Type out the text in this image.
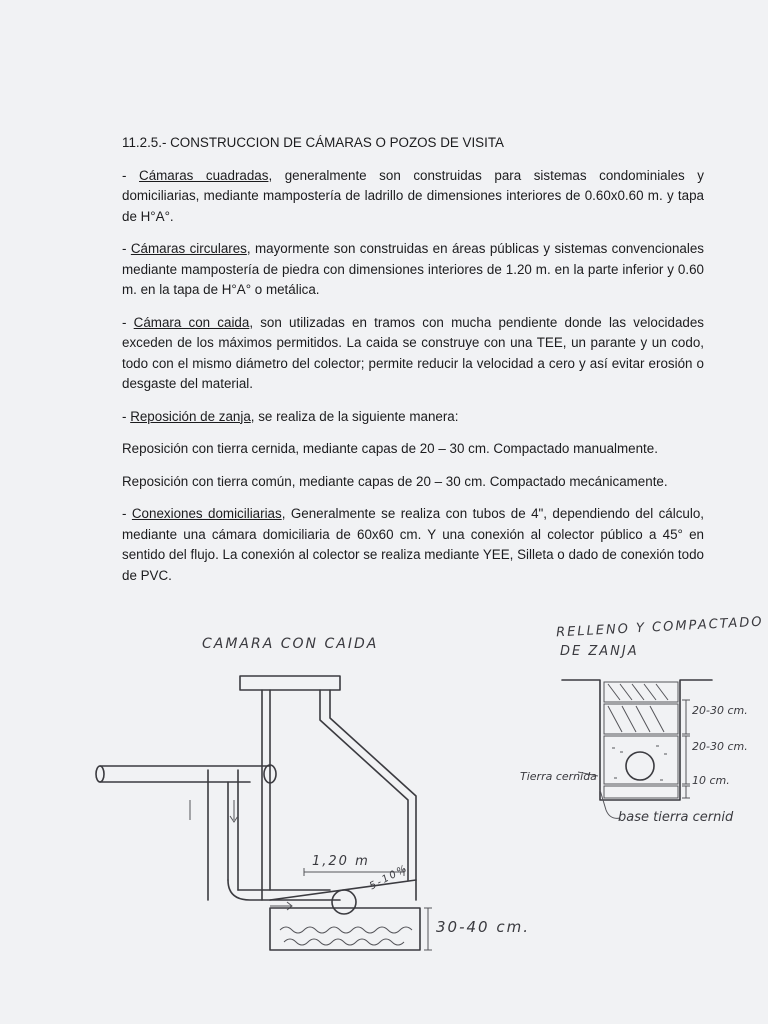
11.2.5.- CONSTRUCCION DE CÁMARAS O POZOS DE VISITA

- Cámaras cuadradas, generalmente son construidas para sistemas condominiales y domiciliarias, mediante mampostería de ladrillo de dimensiones interiores de 0.60x0.60 m. y tapa de H°A°.

- Cámaras circulares, mayormente son construidas en áreas públicas y sistemas convencionales mediante mampostería de piedra con dimensiones interiores de 1.20 m. en la parte inferior y 0.60 m. en la tapa de H°A° o metálica.

- Cámara con caida, son utilizadas en tramos con mucha pendiente donde las velocidades exceden de los máximos permitidos. La caida se construye con una TEE, un parante y un codo, todo con el mismo diámetro del colector; permite reducir la velocidad a cero y así evitar erosión o desgaste del material.

- Reposición de zanja, se realiza de la siguiente manera:

Reposición con tierra cernida, mediante capas de 20 – 30 cm. Compactado manualmente.

Reposición con tierra común, mediante capas de 20 – 30 cm. Compactado mecánicamente.

- Conexiones domiciliarias, Generalmente se realiza con tubos de 4", dependiendo del cálculo, mediante una cámara domiciliaria de 60x60 cm. Y una conexión al colector público a 45° en sentido del flujo. La conexión al colector se realiza mediante YEE, Silleta o dado de conexión todo de PVC.

CAMARA CON CAIDA
1,20 m
5-10%
30-40 cm.
RELLENO Y COMPACTADO
DE ZANJA
20-30 cm.
20-30 cm.
10 cm.
Tierra cernida
base tierra cernid
